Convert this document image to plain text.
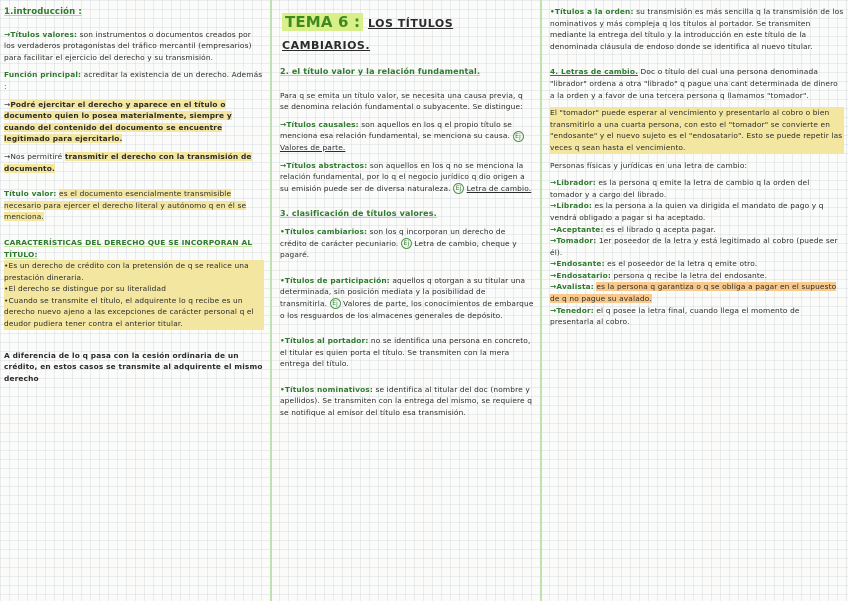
1.introducción :

→Títulos valores: son instrumentos o documentos creados por los verdaderos protagonistas del tráfico mercantil (empresarios) para facilitar el ejercicio del derecho y su transmisión.

Función principal: acreditar la existencia de un derecho. Además :

→Podré ejercitar el derecho y aparece en el título o documento quien lo posea materialmente, siempre y cuando del contenido del documento se encuentre legitimado para ejercitarlo.

→Nos permitiré transmitir el derecho con la transmisión de documento.

Título valor: es el documento esencialmente transmisible necesario para ejercer el derecho literal y autónomo q en él se menciona.

CARACTERÍSTICAS DEL DERECHO QUE SE INCORPORAN AL TÍTULO:

•Es un derecho de crédito con la pretensión de q se realice una prestación dineraria.

•El derecho se distingue por su literalidad

•Cuando se transmite el título, el adquirente lo q recibe es un derecho nuevo ajeno a las excepciones de carácter personal q el deudor pudiera tener contra el anterior titular.

A diferencia de lo q pasa con la cesión ordinaria de un crédito, en estos casos se transmite al adquirente el mismo derecho

TEMA 6 : LOS TÍTULOS CAMBIARIOS.
2. el título valor y la relación fundamental.

Para q se emita un título valor, se necesita una causa previa, q se denomina relación fundamental o subyacente. Se distingue:

→Títulos causales: son aquellos en los q el propio título se menciona esa relación fundamental, se menciona su causa. Ej Valores de parte.

→Títulos abstractos: son aquellos en los q no se menciona la relación fundamental, por lo q el negocio jurídico q dio origen a su emisión puede ser de diversa naturaleza. Ej Letra de cambio.

3. clasificación de títulos valores.

•Títulos cambiarios: son los q incorporan un derecho de crédito de carácter pecuniario. Ej Letra de cambio, cheque y pagaré.

•Títulos de participación: aquellos q otorgan a su titular una determinada, sin posición mediata y la posibilidad de transmitirla. Ej Valores de parte, los conocimientos de embarque o los resguardos de los almacenes generales de depósito.

•Títulos al portador: no se identifica una persona en concreto, el titular es quien porta el título. Se transmiten con la mera entrega del título.

•Títulos nominativos: se identifica al titular del doc (nombre y apellidos). Se transmiten con la entrega del mismo, se requiere q se notifique al emisor del título esa transmisión.

•Títulos a la orden: su transmisión es más sencilla q la transmisión de los nominativos y más compleja q los títulos al portador. Se transmiten mediante la entrega del título y la introducción en este título de la denominada cláusula de endoso donde se identifica al nuevo titular.

4. Letras de cambio. Doc o título del cual una persona denominada "librador" ordena a otra "librado" q pague una cant determinada de dinero a la orden y a favor de una tercera persona q llamamos "tomador".

El "tomador" puede esperar al vencimiento y presentarlo al cobro o bien transmitirlo a una cuarta persona, con esto el "tomador" se convierte en "endosante" y el nuevo sujeto es el "endosatario". Esto se puede repetir las veces q sean hasta el vencimiento.

Personas físicas y jurídicas en una letra de cambio:

→Librador: es la persona q emite la letra de cambio q la orden del tomador y a cargo del librado.

→Librado: es la persona a la quien va dirigida el mandato de pago y q vendrá obligado a pagar si ha aceptado.

→Aceptante: es el librado q acepta pagar.

→Tomador: 1er poseedor de la letra y está legitimado al cobro (puede ser él).

→Endosante: es el poseedor de la letra q emite otro.

→Endosatario: persona q recibe la letra del endosante.

→Avalista: es la persona q garantiza o q se obliga a pagar en el supuesto de q no pague su avalado.

→Tenedor: el q posee la letra final, cuando llega el momento de presentarla al cobro.
